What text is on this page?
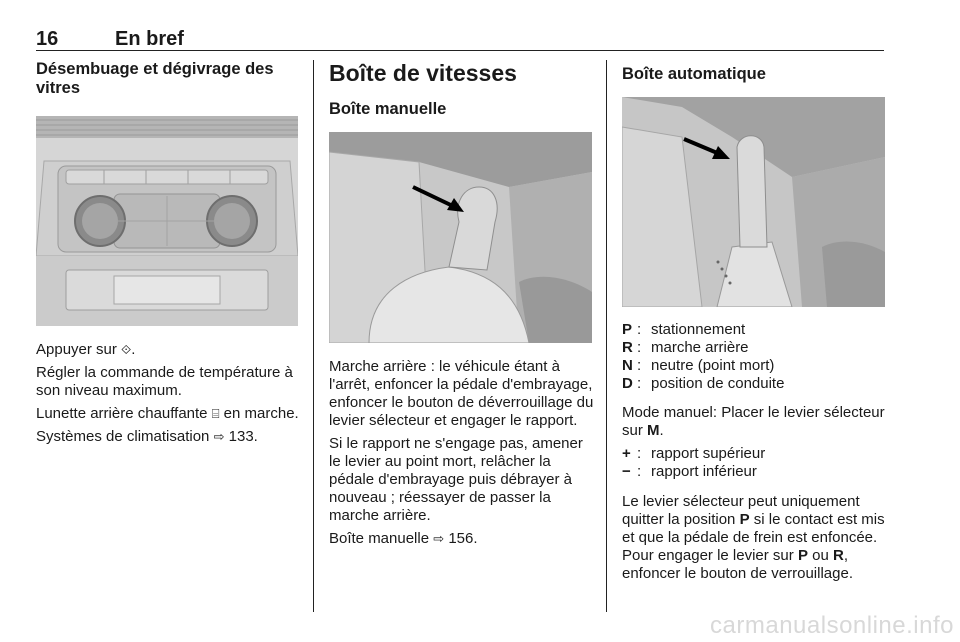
16	En bref
Désembuage et dégivrage des vitres

Appuyer sur ⟐.

Régler la commande de température à son niveau maximum.

Lunette arrière chauffante ⌸ en marche.

Systèmes de climatisation ⇨ 133.

Boîte de vitesses
Boîte manuelle

Marche arrière : le véhicule étant à l'arrêt, enfoncer la pédale d'embrayage, enfoncer le bouton de déverrouillage du levier sélecteur et engager le rapport.

Si le rapport ne s'engage pas, amener le levier au point mort, relâcher la pédale d'embrayage puis débrayer à nouveau ; réessayer de passer la marche arrière.

Boîte manuelle ⇨ 156.

Boîte automatique
P : stationnement
R : marche arrière
N : neutre (point mort)
D : position de conduite

Mode manuel: Placer le levier sélecteur sur M.

+ : rapport supérieur
− : rapport inférieur

Le levier sélecteur peut uniquement quitter la position P si le contact est mis et que la pédale de frein est enfoncée. Pour engager le levier sur P ou R, enfoncer le bouton de verrouillage.

carmanualsonline.info
